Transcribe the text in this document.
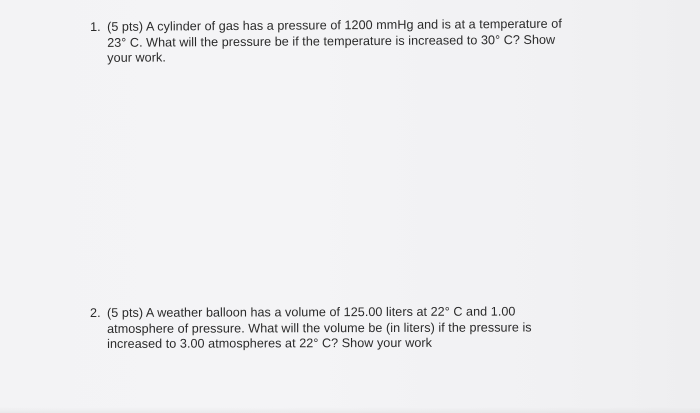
1. (5 pts) A cylinder of gas has a pressure of 1200 mmHg and is at a temperature of
23° C. What will the pressure be if the temperature is increased to 30° C? Show
your work.
2. (5 pts) A weather balloon has a volume of 125.00 liters at 22° C and 1.00
atmosphere of pressure. What will the volume be (in liters) if the pressure is
increased to 3.00 atmospheres at 22° C? Show your work
